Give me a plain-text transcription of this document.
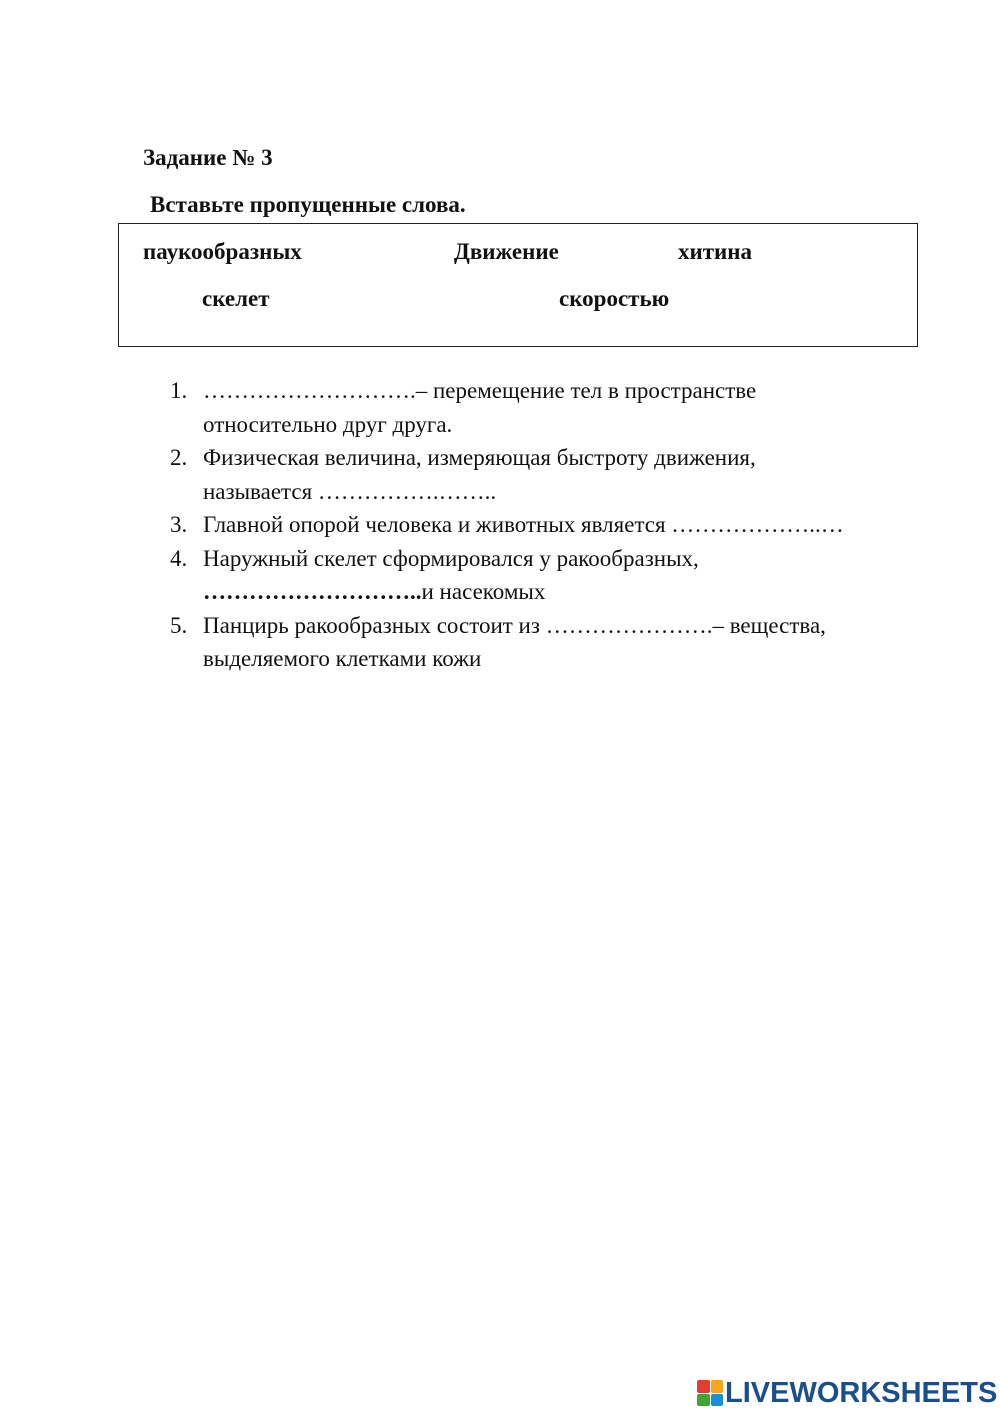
Задание № 3

Вставьте пропущенные слова.

паукообразных	Движение	хитина
скелет	скоростью
1. ……………………….– перемещение тел в пространстве относительно друг друга.
2. Физическая величина, измеряющая быстроту движения, называется …………….……..
3. Главной опорой человека и животных является ………………..…
4. Наружный скелет сформировался у ракообразных, ………………………..и насекомых
5. Панцирь ракообразных состоит из ………………….– вещества, выделяемого клетками кожи
LIVEWORKSHEETS
